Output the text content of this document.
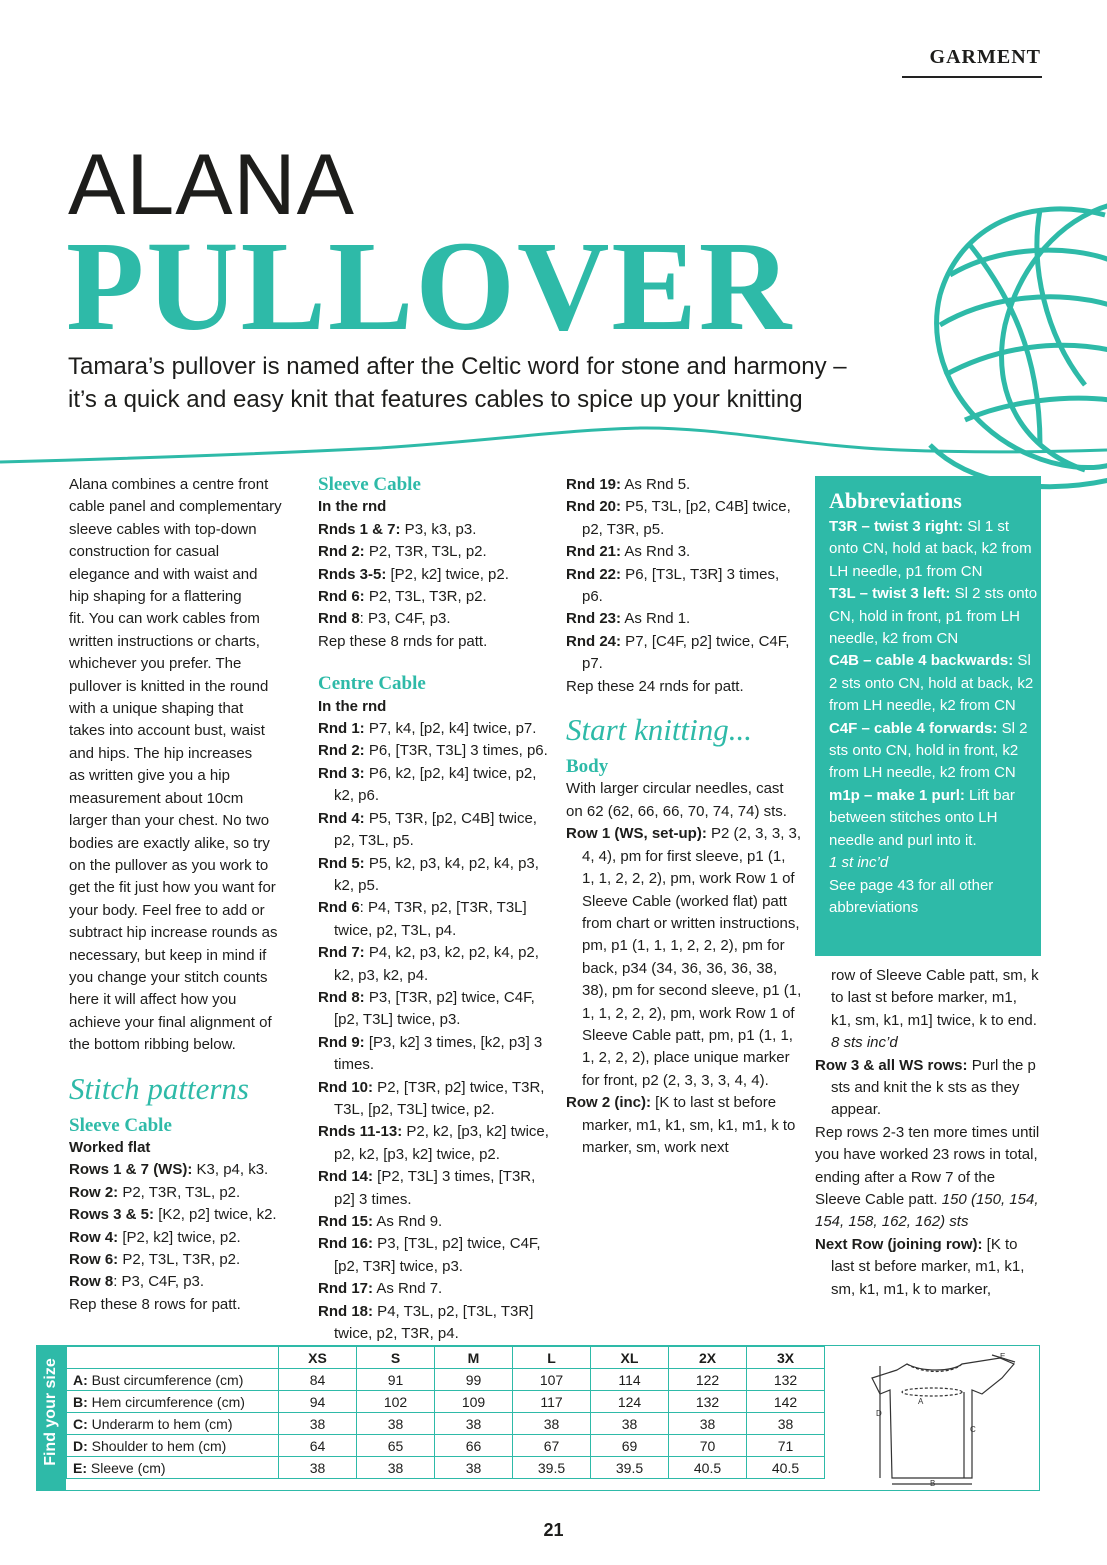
GARMENT
ALANA
PULLOVER
Tamara’s pullover is named after the Celtic word for stone and harmony –
it’s a quick and easy knit that features cables to spice up your knitting
Alana combines a centre front
cable panel and complementary
sleeve cables with top-down
construction for casual
elegance and with waist and
hip shaping for a flattering
fit. You can work cables from
written instructions or charts,
whichever you prefer. The
pullover is knitted in the round
with a unique shaping that
takes into account bust, waist
and hips. The hip increases
as written give you a hip
measurement about 10cm
larger than your chest. No two
bodies are exactly alike, so try
on the pullover as you work to
get the fit just how you want for
your body. Feel free to add or
subtract hip increase rounds as
necessary, but keep in mind if
you change your stitch counts
here it will affect how you
achieve your final alignment of
the bottom ribbing below.

Stitch patterns

Sleeve Cable

Worked flat

Rows 1 & 7 (WS): K3, p4, k3.

Row 2: P2, T3R, T3L, p2.

Rows 3 & 5: [K2, p2] twice, k2.

Row 4: [P2, k2] twice, p2.

Row 6: P2, T3L, T3R, p2.

Row 8: P3, C4F, p3.

Rep these 8 rows for patt.

Sleeve Cable

In the rnd

Rnds 1 & 7: P3, k3, p3.

Rnd 2: P2, T3R, T3L, p2.

Rnds 3-5: [P2, k2] twice, p2.

Rnd 6: P2, T3L, T3R, p2.

Rnd 8: P3, C4F, p3.

Rep these 8 rnds for patt.

Centre Cable

In the rnd

Rnd 1: P7, k4, [p2, k4] twice, p7.

Rnd 2: P6, [T3R, T3L] 3 times, p6.

Rnd 3: P6, k2, [p2, k4] twice, p2, k2, p6.

Rnd 4: P5, T3R, [p2, C4B] twice, p2, T3L, p5.

Rnd 5: P5, k2, p3, k4, p2, k4, p3, k2, p5.

Rnd 6: P4, T3R, p2, [T3R, T3L] twice, p2, T3L, p4.

Rnd 7: P4, k2, p3, k2, p2, k4, p2, k2, p3, k2, p4.

Rnd 8: P3, [T3R, p2] twice, C4F, [p2, T3L] twice, p3.

Rnd 9: [P3, k2] 3 times, [k2, p3] 3 times.

Rnd 10: P2, [T3R, p2] twice, T3R, T3L, [p2, T3L] twice, p2.

Rnds 11-13: P2, k2, [p3, k2] twice, p2, k2, [p3, k2] twice, p2.

Rnd 14: [P2, T3L] 3 times, [T3R, p2] 3 times.

Rnd 15: As Rnd 9.

Rnd 16: P3, [T3L, p2] twice, C4F, [p2, T3R] twice, p3.

Rnd 17: As Rnd 7.

Rnd 18: P4, T3L, p2, [T3L, T3R] twice, p2, T3R, p4.

Rnd 19: As Rnd 5.

Rnd 20: P5, T3L, [p2, C4B] twice, p2, T3R, p5.

Rnd 21: As Rnd 3.

Rnd 22: P6, [T3L, T3R] 3 times, p6.

Rnd 23: As Rnd 1.

Rnd 24: P7, [C4F, p2] twice, C4F, p7.

Rep these 24 rnds for patt.

Start knitting...

Body

With larger circular needles, cast on 62 (62, 66, 66, 70, 74, 74) sts.

Row 1 (WS, set-up): P2 (2, 3, 3, 3, 4, 4), pm for first sleeve, p1 (1, 1, 1, 2, 2, 2), pm, work Row 1 of Sleeve Cable (worked flat) patt from chart or written instructions, pm, p1 (1, 1, 1, 2, 2, 2), pm for back, p34 (34, 36, 36, 36, 38, 38), pm for second sleeve, p1 (1, 1, 1, 2, 2, 2), pm, work Row 1 of Sleeve Cable patt, pm, p1 (1, 1, 1, 2, 2, 2), place unique marker for front, p2 (2, 3, 3, 3, 4, 4).

Row 2 (inc): [K to last st before marker, m1, k1, sm, k1, m1, k to marker, sm, work next

Abbreviations

T3R – twist 3 right: Sl 1 st onto CN, hold at back, k2 from LH needle, p1 from CN

T3L – twist 3 left: Sl 2 sts onto CN, hold in front, p1 from LH needle, k2 from CN

C4B – cable 4 backwards: Sl 2 sts onto CN, hold at back, k2 from LH needle, k2 from CN

C4F – cable 4 forwards: Sl 2 sts onto CN, hold in front, k2 from LH needle, k2 from CN

m1p – make 1 purl: Lift bar between stitches onto LH needle and purl into it.

1 st inc’d

See page 43 for all other abbreviations

row of Sleeve Cable patt, sm, k to last st before marker, m1, k1, sm, k1, m1] twice, k to end. 8 sts inc’d

Row 3 & all WS rows: Purl the p sts and knit the k sts as they appear.

Rep rows 2-3 ten more times until you have worked 23 rows in total, ending after a Row 7 of the Sleeve Cable patt. 150 (150, 154, 154, 158, 162, 162) sts

Next Row (joining row): [K to last st before marker, m1, k1, sm, k1, m1, k to marker,

Find your size
	XS	S	M	L	XL	2X	3X
A: Bust circumference (cm)	84	91	99	107	114	122	132
B: Hem circumference (cm)	94	102	109	117	124	132	142
C: Underarm to hem (cm)	38	38	38	38	38	38	38
D: Shoulder to hem (cm)	64	65	66	67	69	70	71
E: Sleeve (cm)	38	38	38	39.5	39.5	40.5	40.5
D
C
A
B
E
21
